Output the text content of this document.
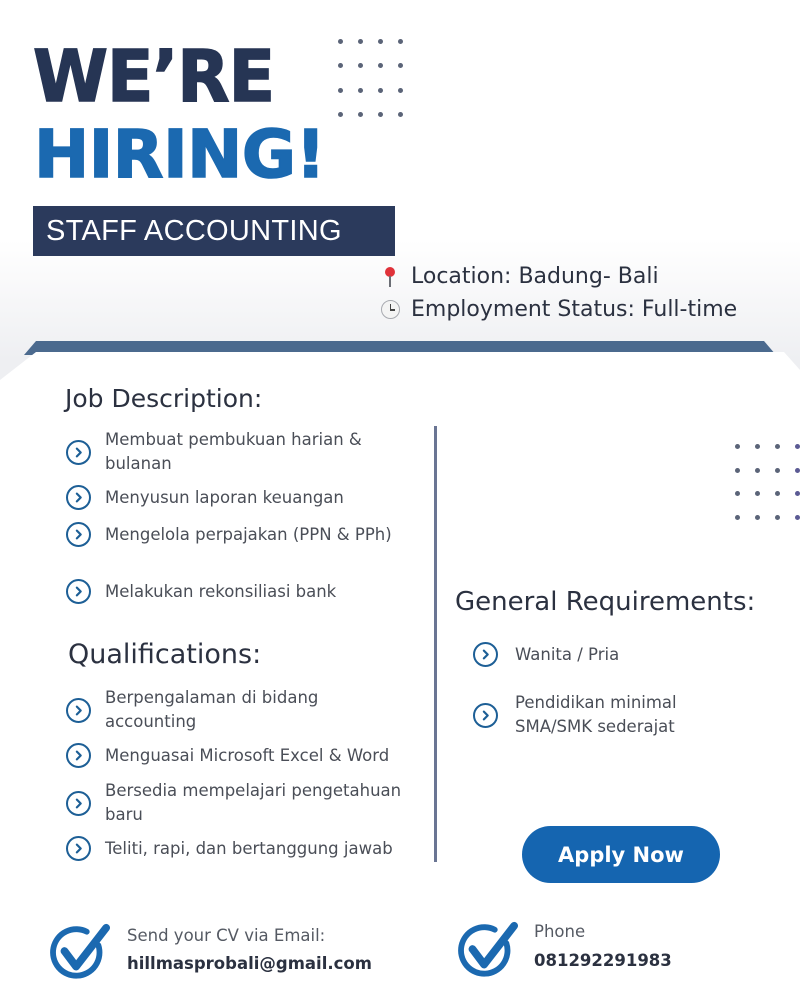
WE’RE
HIRING!
STAFF ACCOUNTING
Location: Badung- Bali
Employment Status: Full-time
Job Description:
Membuat pembukuan harian & bulanan
Menyusun laporan keuangan
Mengelola perpajakan (PPN & PPh)
Melakukan rekonsiliasi bank
Qualifications:
Berpengalaman di bidang accounting
Menguasai Microsoft Excel & Word
Bersedia mempelajari pengetahuan baru
Teliti, rapi, dan bertanggung jawab
General Requirements:
Wanita / Pria
Pendidikan minimal SMA/SMK sederajat
Apply Now
Send your CV via Email:
hillmasprobali@gmail.com
Phone
081292291983
